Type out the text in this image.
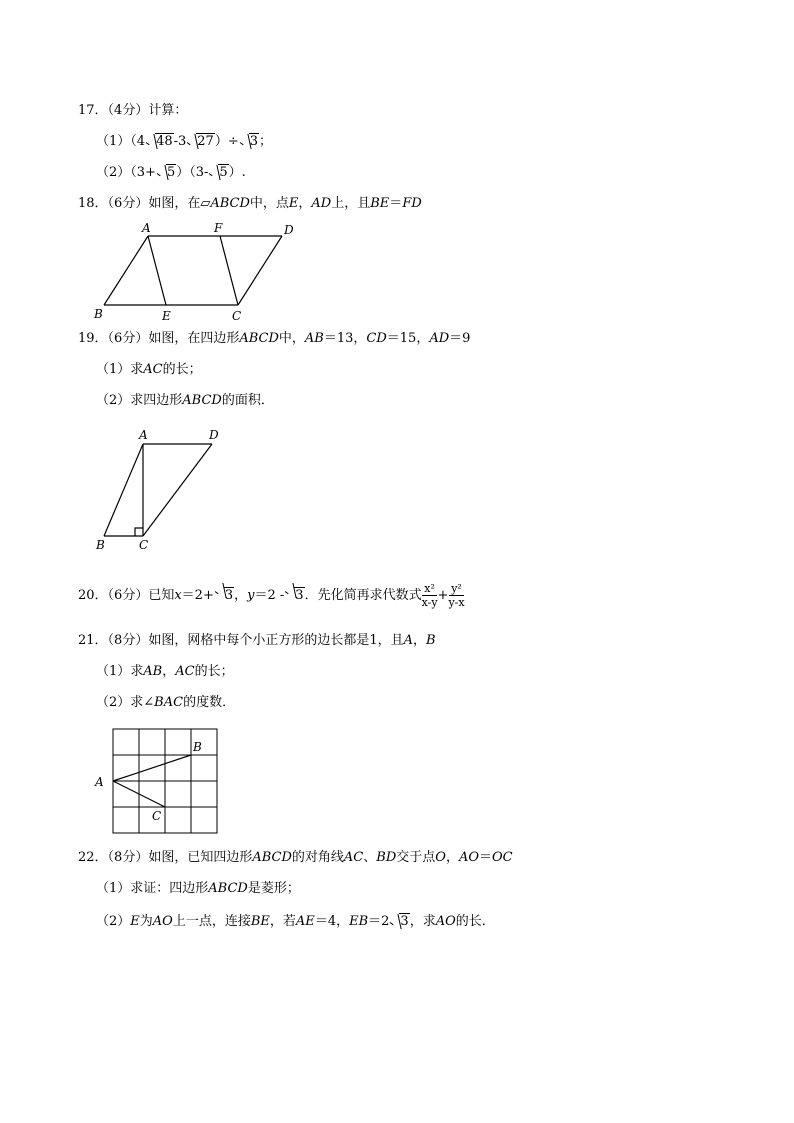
17．（4分）计算：
（1）（4 48-3 27）÷ 3；
（2）（3+ 5）（3- 5）.
18．（6分）如图，在▱ABCD中，点E，AD上，且BE＝FD
A	F	D
B	E	C
19．（6分）如图，在四边形ABCD中，AB＝13，CD＝15，AD＝9
（1）求AC的长；
（2）求四边形ABCD的面积．
A	D
B	C
20．（6分）已知x＝2+ 3，y＝2 - 3．先化简再求代数式 $\frac{\text{x²}}{x-y} + \frac{\text{y²}}{y-x}$
21．（8分）如图，网格中每个小正方形的边长都是1，且A，B
（1）求AB，AC的长；
（2）求∠BAC的度数．
A
B
C
22．（8分）如图，已知四边形ABCD的对角线AC、BD交于点O，AO＝OC
（1）求证：四边形ABCD是菱形；
（2）E为AO上一点，连接BE，若AE＝4，EB＝2 3，求AO的长．
